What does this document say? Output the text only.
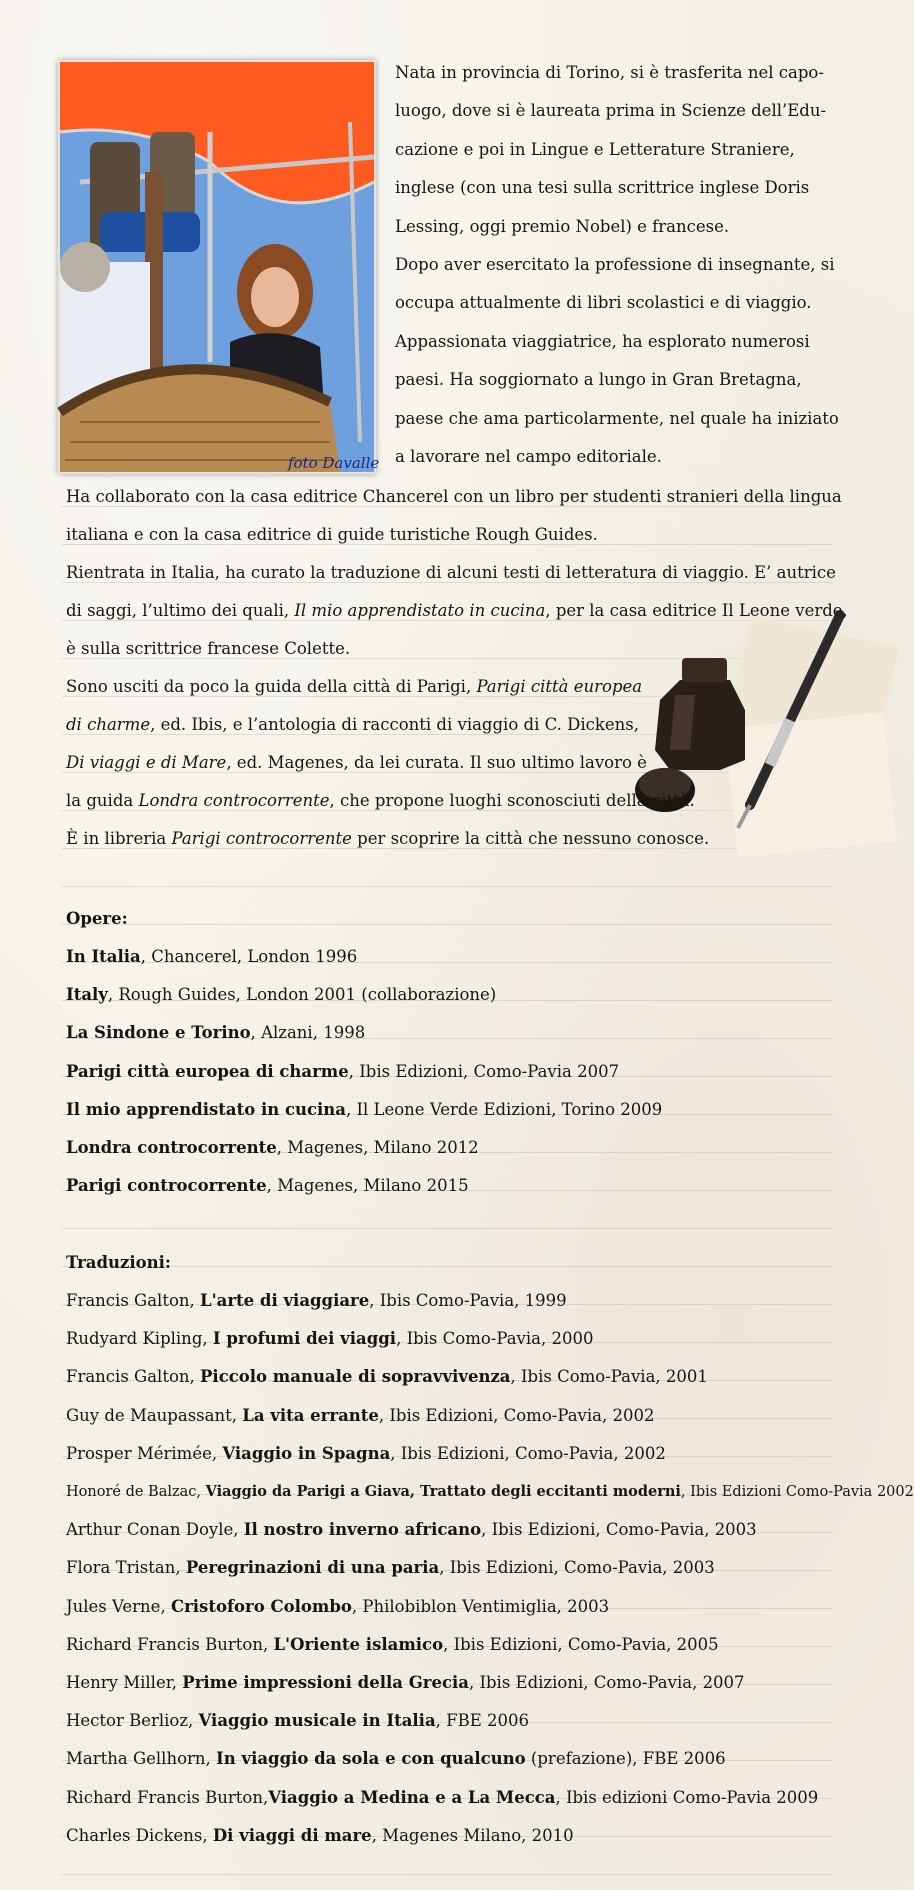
foto Davalle
Nata in provincia di Torino, si è trasferita nel capo-
luogo, dove si è laureata prima in Scienze dell’Edu-
cazione e poi in Lingue e Letterature Straniere,
inglese (con una tesi sulla scrittrice inglese Doris
Lessing, oggi premio Nobel) e francese.
Dopo aver esercitato la professione di insegnante, si
occupa attualmente di libri scolastici e di viaggio.
Appassionata viaggiatrice, ha esplorato numerosi
paesi. Ha soggiornato a lungo in Gran Bretagna,
paese che ama particolarmente, nel quale ha iniziato
a lavorare nel campo editoriale.
Ha collaborato con la casa editrice Chancerel con un libro per studenti stranieri della lingua
italiana e con la casa editrice di guide turistiche Rough Guides.
Rientrata in Italia, ha curato la traduzione di alcuni testi di letteratura di viaggio. E’ autrice
di saggi, l’ultimo dei quali, Il mio apprendistato in cucina, per la casa editrice Il Leone verde,
è sulla scrittrice francese Colette.
Sono usciti da poco la guida della città di Parigi, Parigi città europea
di charme, ed. Ibis, e l’antologia di racconti di viaggio di C. Dickens,
Di viaggi e di Mare, ed. Magenes, da lei curata. Il suo ultimo lavoro è
la guida Londra controcorrente, che propone luoghi sconosciuti della città.
È in libreria Parigi controcorrente per scoprire la città che nessuno conosce.
Opere:
In Italia, Chancerel, London 1996
Italy, Rough Guides, London 2001 (collaborazione)
La Sindone e Torino, Alzani, 1998
Parigi città europea di charme, Ibis Edizioni, Como-Pavia 2007
Il mio apprendistato in cucina, Il Leone Verde Edizioni, Torino 2009
Londra controcorrente, Magenes, Milano 2012
Parigi controcorrente, Magenes, Milano 2015
Traduzioni:
Francis Galton, L'arte di viaggiare, Ibis Como-Pavia, 1999
Rudyard Kipling, I profumi dei viaggi, Ibis Como-Pavia, 2000
Francis Galton, Piccolo manuale di sopravvivenza, Ibis Como-Pavia, 2001
Guy de Maupassant, La vita errante, Ibis Edizioni, Como-Pavia, 2002
Prosper Mérimée, Viaggio in Spagna, Ibis Edizioni, Como-Pavia, 2002
Honoré de Balzac, Viaggio da Parigi a Giava, Trattato degli eccitanti moderni, Ibis Edizioni Como-Pavia 2002
Arthur Conan Doyle, Il nostro inverno africano, Ibis Edizioni, Como-Pavia, 2003
Flora Tristan, Peregrinazioni di una paria, Ibis Edizioni, Como-Pavia, 2003
Jules Verne, Cristoforo Colombo, Philobiblon Ventimiglia, 2003
Richard Francis Burton, L'Oriente islamico, Ibis Edizioni, Como-Pavia, 2005
Henry Miller, Prime impressioni della Grecia, Ibis Edizioni, Como-Pavia, 2007
Hector Berlioz, Viaggio musicale in Italia, FBE 2006
Martha Gellhorn, In viaggio da sola e con qualcuno (prefazione), FBE 2006
Richard Francis Burton,Viaggio a Medina e a La Mecca, Ibis edizioni Como-Pavia 2009
Charles Dickens, Di viaggi di mare, Magenes Milano, 2010
